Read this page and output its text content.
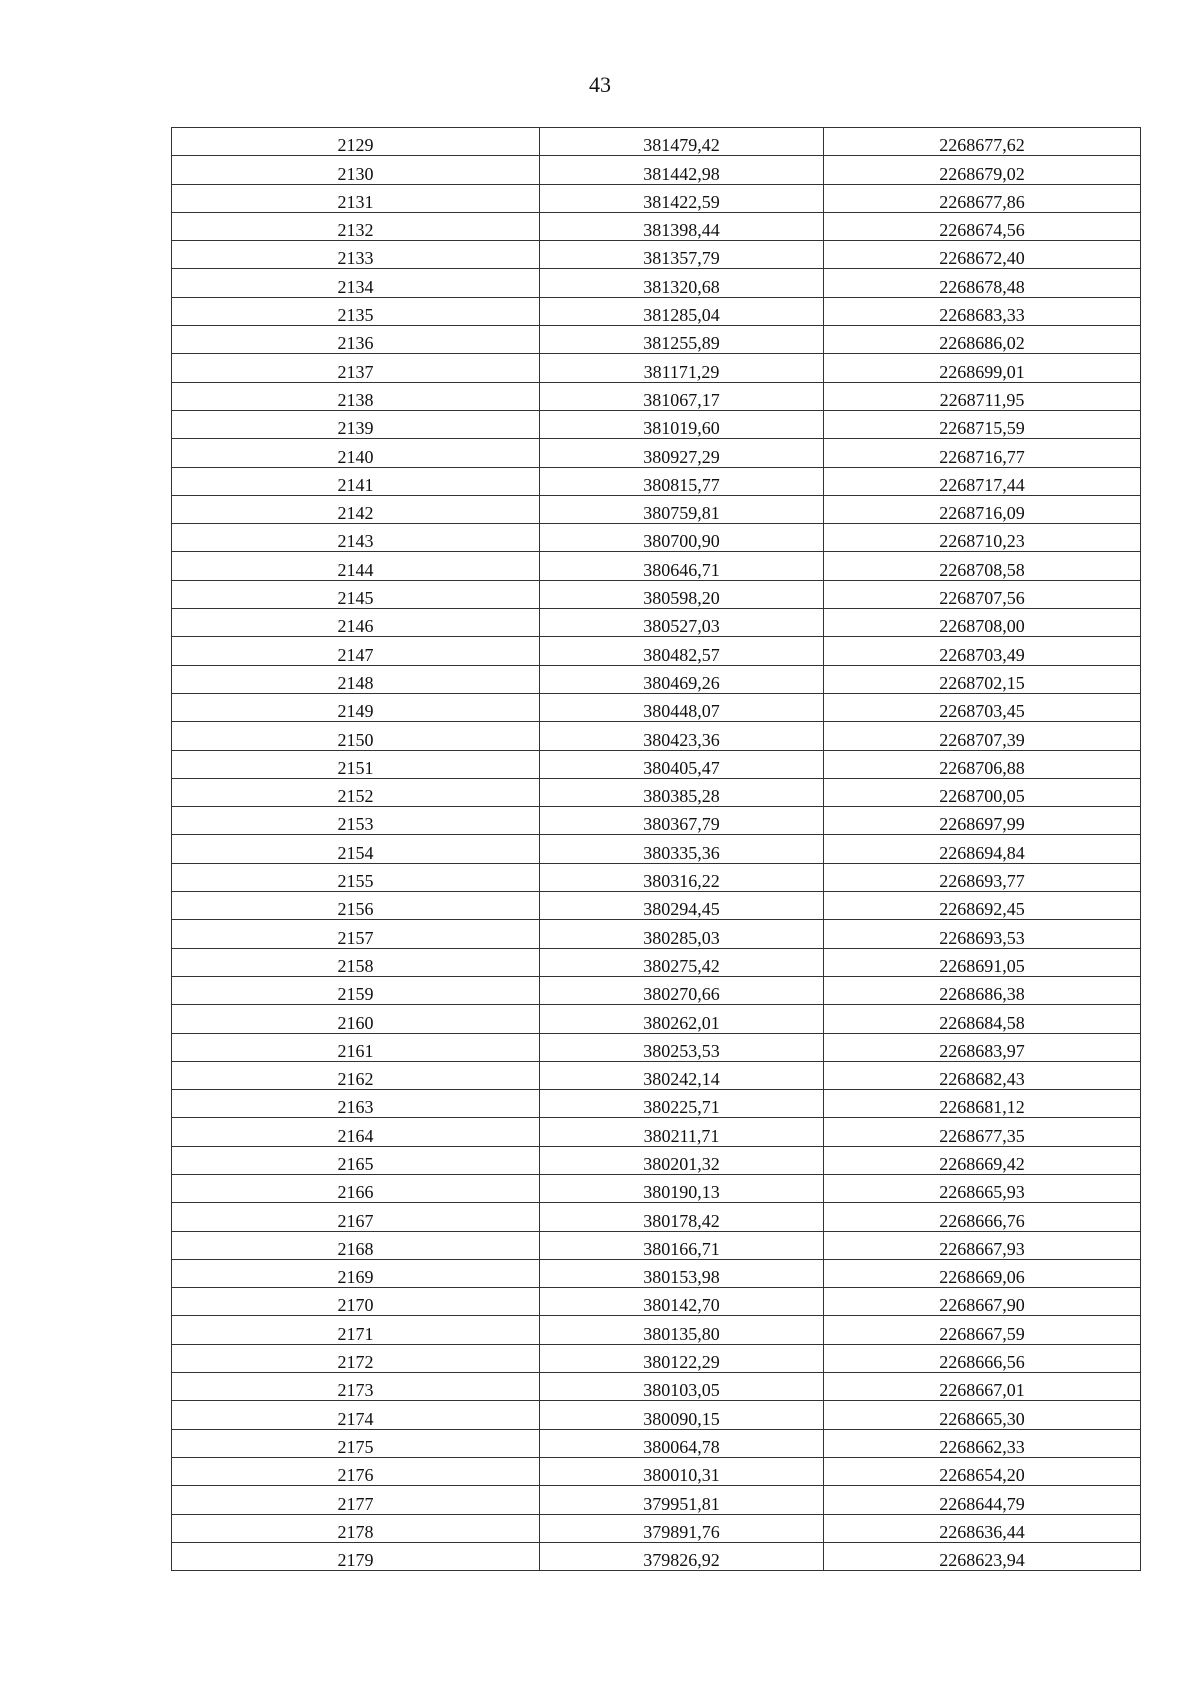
43
2129	381479,42	2268677,62
2130	381442,98	2268679,02
2131	381422,59	2268677,86
2132	381398,44	2268674,56
2133	381357,79	2268672,40
2134	381320,68	2268678,48
2135	381285,04	2268683,33
2136	381255,89	2268686,02
2137	381171,29	2268699,01
2138	381067,17	2268711,95
2139	381019,60	2268715,59
2140	380927,29	2268716,77
2141	380815,77	2268717,44
2142	380759,81	2268716,09
2143	380700,90	2268710,23
2144	380646,71	2268708,58
2145	380598,20	2268707,56
2146	380527,03	2268708,00
2147	380482,57	2268703,49
2148	380469,26	2268702,15
2149	380448,07	2268703,45
2150	380423,36	2268707,39
2151	380405,47	2268706,88
2152	380385,28	2268700,05
2153	380367,79	2268697,99
2154	380335,36	2268694,84
2155	380316,22	2268693,77
2156	380294,45	2268692,45
2157	380285,03	2268693,53
2158	380275,42	2268691,05
2159	380270,66	2268686,38
2160	380262,01	2268684,58
2161	380253,53	2268683,97
2162	380242,14	2268682,43
2163	380225,71	2268681,12
2164	380211,71	2268677,35
2165	380201,32	2268669,42
2166	380190,13	2268665,93
2167	380178,42	2268666,76
2168	380166,71	2268667,93
2169	380153,98	2268669,06
2170	380142,70	2268667,90
2171	380135,80	2268667,59
2172	380122,29	2268666,56
2173	380103,05	2268667,01
2174	380090,15	2268665,30
2175	380064,78	2268662,33
2176	380010,31	2268654,20
2177	379951,81	2268644,79
2178	379891,76	2268636,44
2179	379826,92	2268623,94
